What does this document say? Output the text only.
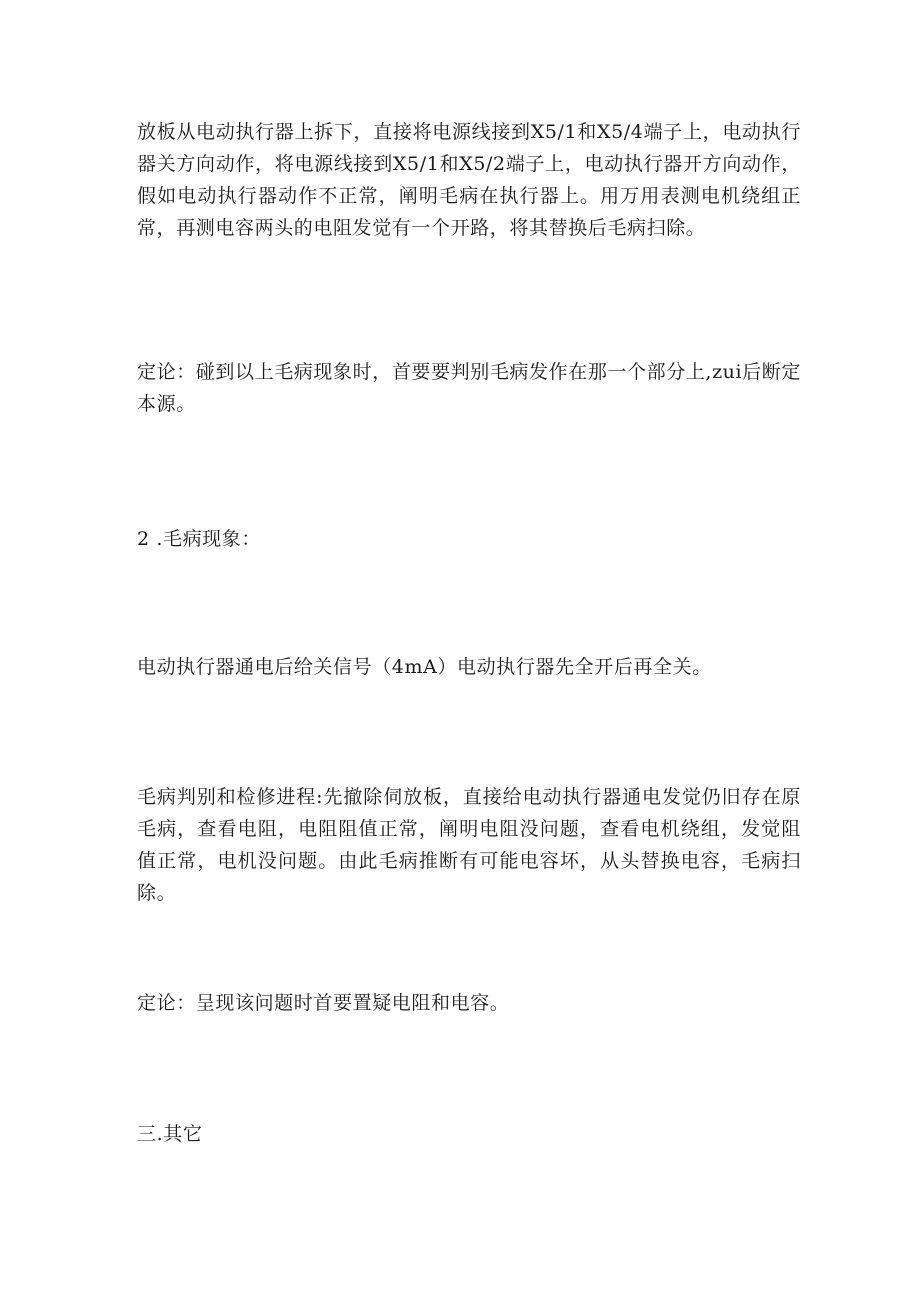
放板从电动执行器上拆下，直接将电源线接到X5/1和X5/4端子上，电动执行器关方向动作，将电源线接到X5/1和X5/2端子上，电动执行器开方向动作，假如电动执行器动作不正常，阐明毛病在执行器上。用万用表测电机绕组正常，再测电容两头的电阻发觉有一个开路，将其替换后毛病扫除。

定论：碰到以上毛病现象时，首要要判别毛病发作在那一个部分上,zui后断定本源。

2 .毛病现象：

电动执行器通电后给关信号（4mA）电动执行器先全开后再全关。

毛病判别和检修进程:先撤除伺放板，直接给电动执行器通电发觉仍旧存在原毛病，查看电阻，电阻阻值正常，阐明电阻没问题，查看电机绕组，发觉阻值正常，电机没问题。由此毛病推断有可能电容坏，从头替换电容，毛病扫除。

定论：呈现该问题时首要置疑电阻和电容。

三.其它
